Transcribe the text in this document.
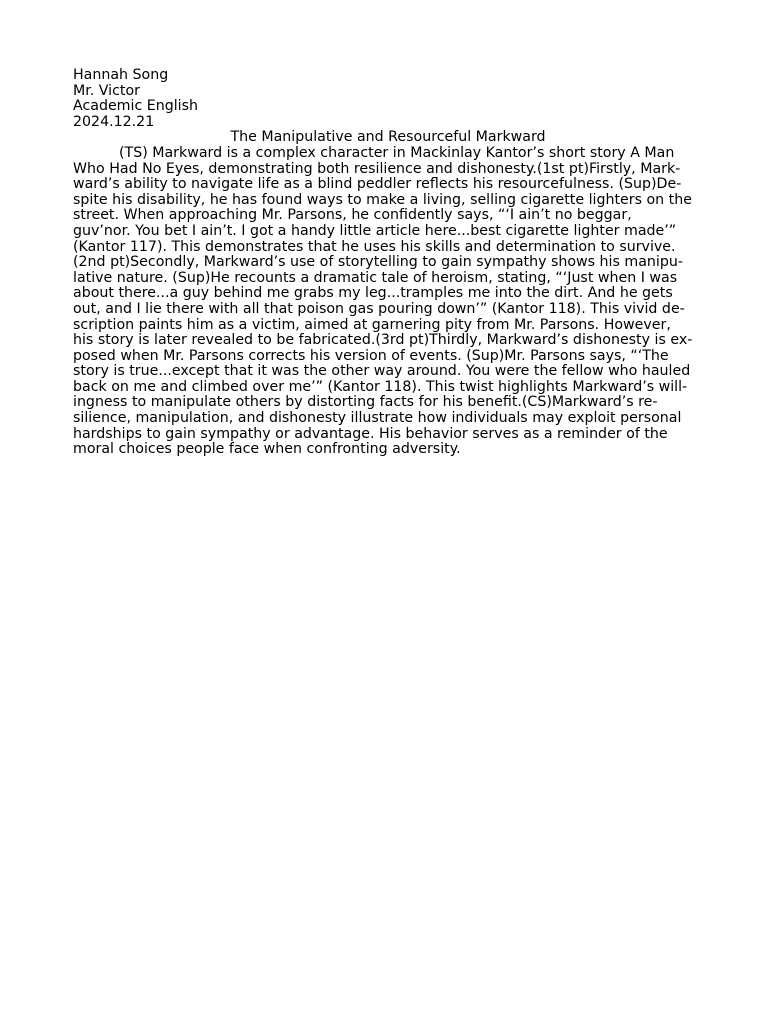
Hannah Song
Mr. Victor
Academic English
2024.12.21
The Manipulative and Resourceful Markward
(TS) Markward is a complex character in Mackinlay Kantor’s short story A Man
Who Had No Eyes, demonstrating both resilience and dishonesty.(1st pt)Firstly, Mark-
ward’s ability to navigate life as a blind peddler reflects his resourcefulness. (Sup)De-
spite his disability, he has found ways to make a living, selling cigarette lighters on the
street. When approaching Mr. Parsons, he confidently says, “‘I ain’t no beggar,
guv’nor. You bet I ain’t. I got a handy little article here...best cigarette lighter made’”
(Kantor 117). This demonstrates that he uses his skills and determination to survive.
(2nd pt)Secondly, Markward’s use of storytelling to gain sympathy shows his manipu-
lative nature. (Sup)He recounts a dramatic tale of heroism, stating, “‘Just when I was
about there...a guy behind me grabs my leg...tramples me into the dirt. And he gets
out, and I lie there with all that poison gas pouring down’” (Kantor 118). This vivid de-
scription paints him as a victim, aimed at garnering pity from Mr. Parsons. However,
his story is later revealed to be fabricated.(3rd pt)Thirdly, Markward’s dishonesty is ex-
posed when Mr. Parsons corrects his version of events. (Sup)Mr. Parsons says, “‘The
story is true...except that it was the other way around. You were the fellow who hauled
back on me and climbed over me’” (Kantor 118). This twist highlights Markward’s will-
ingness to manipulate others by distorting facts for his benefit.(CS)Markward’s re-
silience, manipulation, and dishonesty illustrate how individuals may exploit personal
hardships to gain sympathy or advantage. His behavior serves as a reminder of the
moral choices people face when confronting adversity.
